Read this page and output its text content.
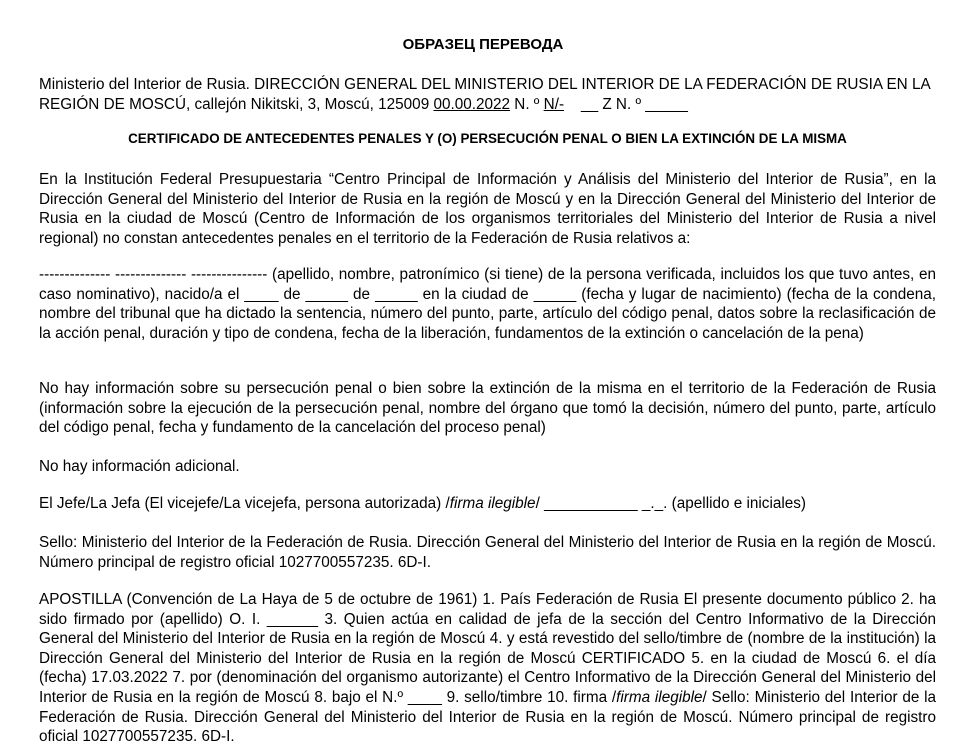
ОБРАЗЕЦ ПЕРЕВОДА

Ministerio del Interior de Rusia. DIRECCIÓN GENERAL DEL MINISTERIO DEL INTERIOR DE LA FEDERACIÓN DE RUSIA EN LA REGIÓN DE MOSCÚ, callejón Nikitski, 3, Moscú, 125009 00.00.2022 N. º N/-    __ Z N. º _____

CERTIFICADO DE ANTECEDENTES PENALES Y (O) PERSECUCIÓN PENAL O BIEN LA EXTINCIÓN DE LA MISMA

En la Institución Federal Presupuestaria “Centro Principal de Información y Análisis del Ministerio del Interior de Rusia”, en la Dirección General del Ministerio del Interior de Rusia en la región de Moscú y en la Dirección General del Ministerio del Interior de Rusia en la ciudad de Moscú (Centro de Información de los organismos territoriales del Ministerio del Interior de Rusia a nivel regional) no constan antecedentes penales en el territorio de la Federación de Rusia relativos a:

-------------- -------------- --------------- (apellido, nombre, patronímico (si tiene) de la persona verificada, incluidos los que tuvo antes, en caso nominativo), nacido/a el ____ de _____ de _____ en la ciudad de _____ (fecha y lugar de nacimiento) (fecha de la condena, nombre del tribunal que ha dictado la sentencia, número del punto, parte, artículo del código penal, datos sobre la reclasificación de la acción penal, duración y tipo de condena, fecha de la liberación, fundamentos de la extinción o cancelación de la pena)

No hay información sobre su persecución penal o bien sobre la extinción de la misma en el territorio de la Federación de Rusia (información sobre la ejecución de la persecución penal, nombre del órgano que tomó la decisión, número del punto, parte, artículo del código penal, fecha y fundamento de la cancelación del proceso penal)

No hay información adicional.

El Jefe/La Jefa (El vicejefe/La vicejefa, persona autorizada) /firma ilegible/ ___________ _._. (apellido e iniciales)

Sello: Ministerio del Interior de la Federación de Rusia. Dirección General del Ministerio del Interior de Rusia en la región de Moscú. Número principal de registro oficial 1027700557235. 6D-I.

APOSTILLA (Convención de La Haya de 5 de octubre de 1961) 1. País Federación de Rusia El presente documento público 2. ha sido firmado por (apellido) O. I. ______ 3. Quien actúa en calidad de jefa de la sección del Centro Informativo de la Dirección General del Ministerio del Interior de Rusia en la región de Moscú 4. y está revestido del sello/timbre de (nombre de la institución) la Dirección General del Ministerio del Interior de Rusia en la región de Moscú CERTIFICADO 5. en la ciudad de Moscú 6. el día (fecha) 17.03.2022 7. por (denominación del organismo autorizante) el Centro Informativo de la Dirección General del Ministerio del Interior de Rusia en la región de Moscú 8. bajo el N.º ____ 9. sello/timbre 10. firma /firma ilegible/ Sello: Ministerio del Interior de la Federación de Rusia. Dirección General del Ministerio del Interior de Rusia en la región de Moscú. Número principal de registro oficial 1027700557235. 6D-I.
